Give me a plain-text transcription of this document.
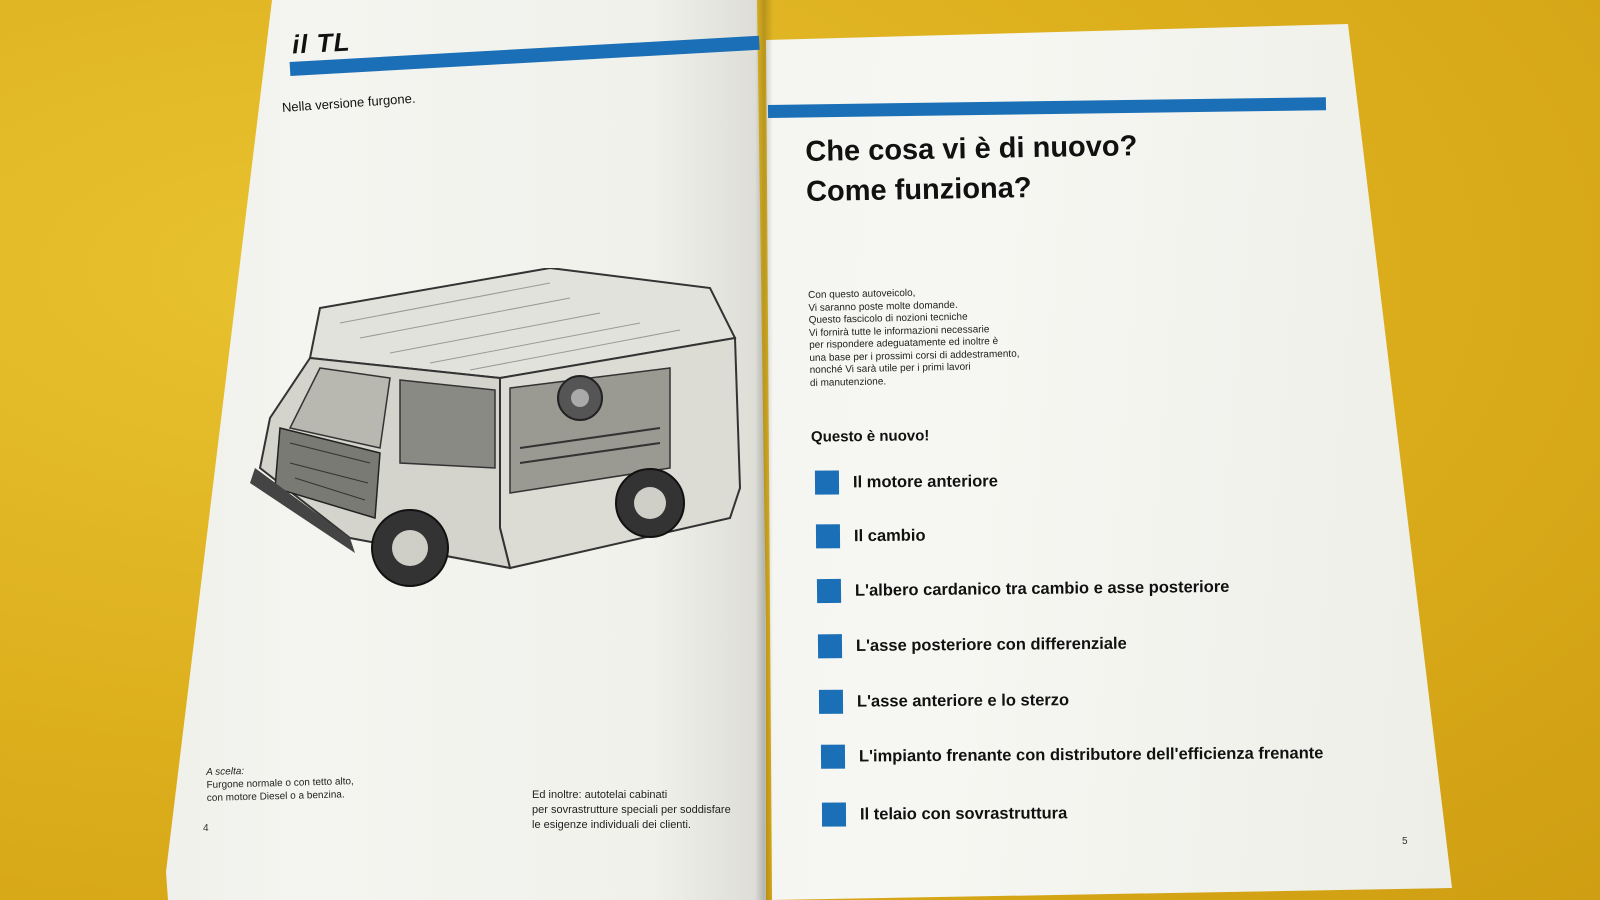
il TL
Nella versione furgone.
A scelta:
Furgone normale o con tetto alto,
con motore Diesel o a benzina.	Ed inoltre: autotelai cabinati
per sovrastrutture speciali per soddisfare
le esigenze individuali dei clienti.
4
Che cosa vi è di nuovo?
Come funziona?
Con questo autoveicolo,
Vi saranno poste molte domande.
Questo fascicolo di nozioni tecniche
Vi fornirà tutte le informazioni necessarie
per rispondere adeguatamente ed inoltre è
una base per i prossimi corsi di addestramento,
nonché Vi sarà utile per i primi lavori
di manutenzione.
Questo è nuovo!
Il motore anteriore
Il cambio
L'albero cardanico tra cambio e asse posteriore
L'asse posteriore con differenziale
L'asse anteriore e lo sterzo
L'impianto frenante con distributore dell'efficienza frenante
Il telaio con sovrastruttura
5
